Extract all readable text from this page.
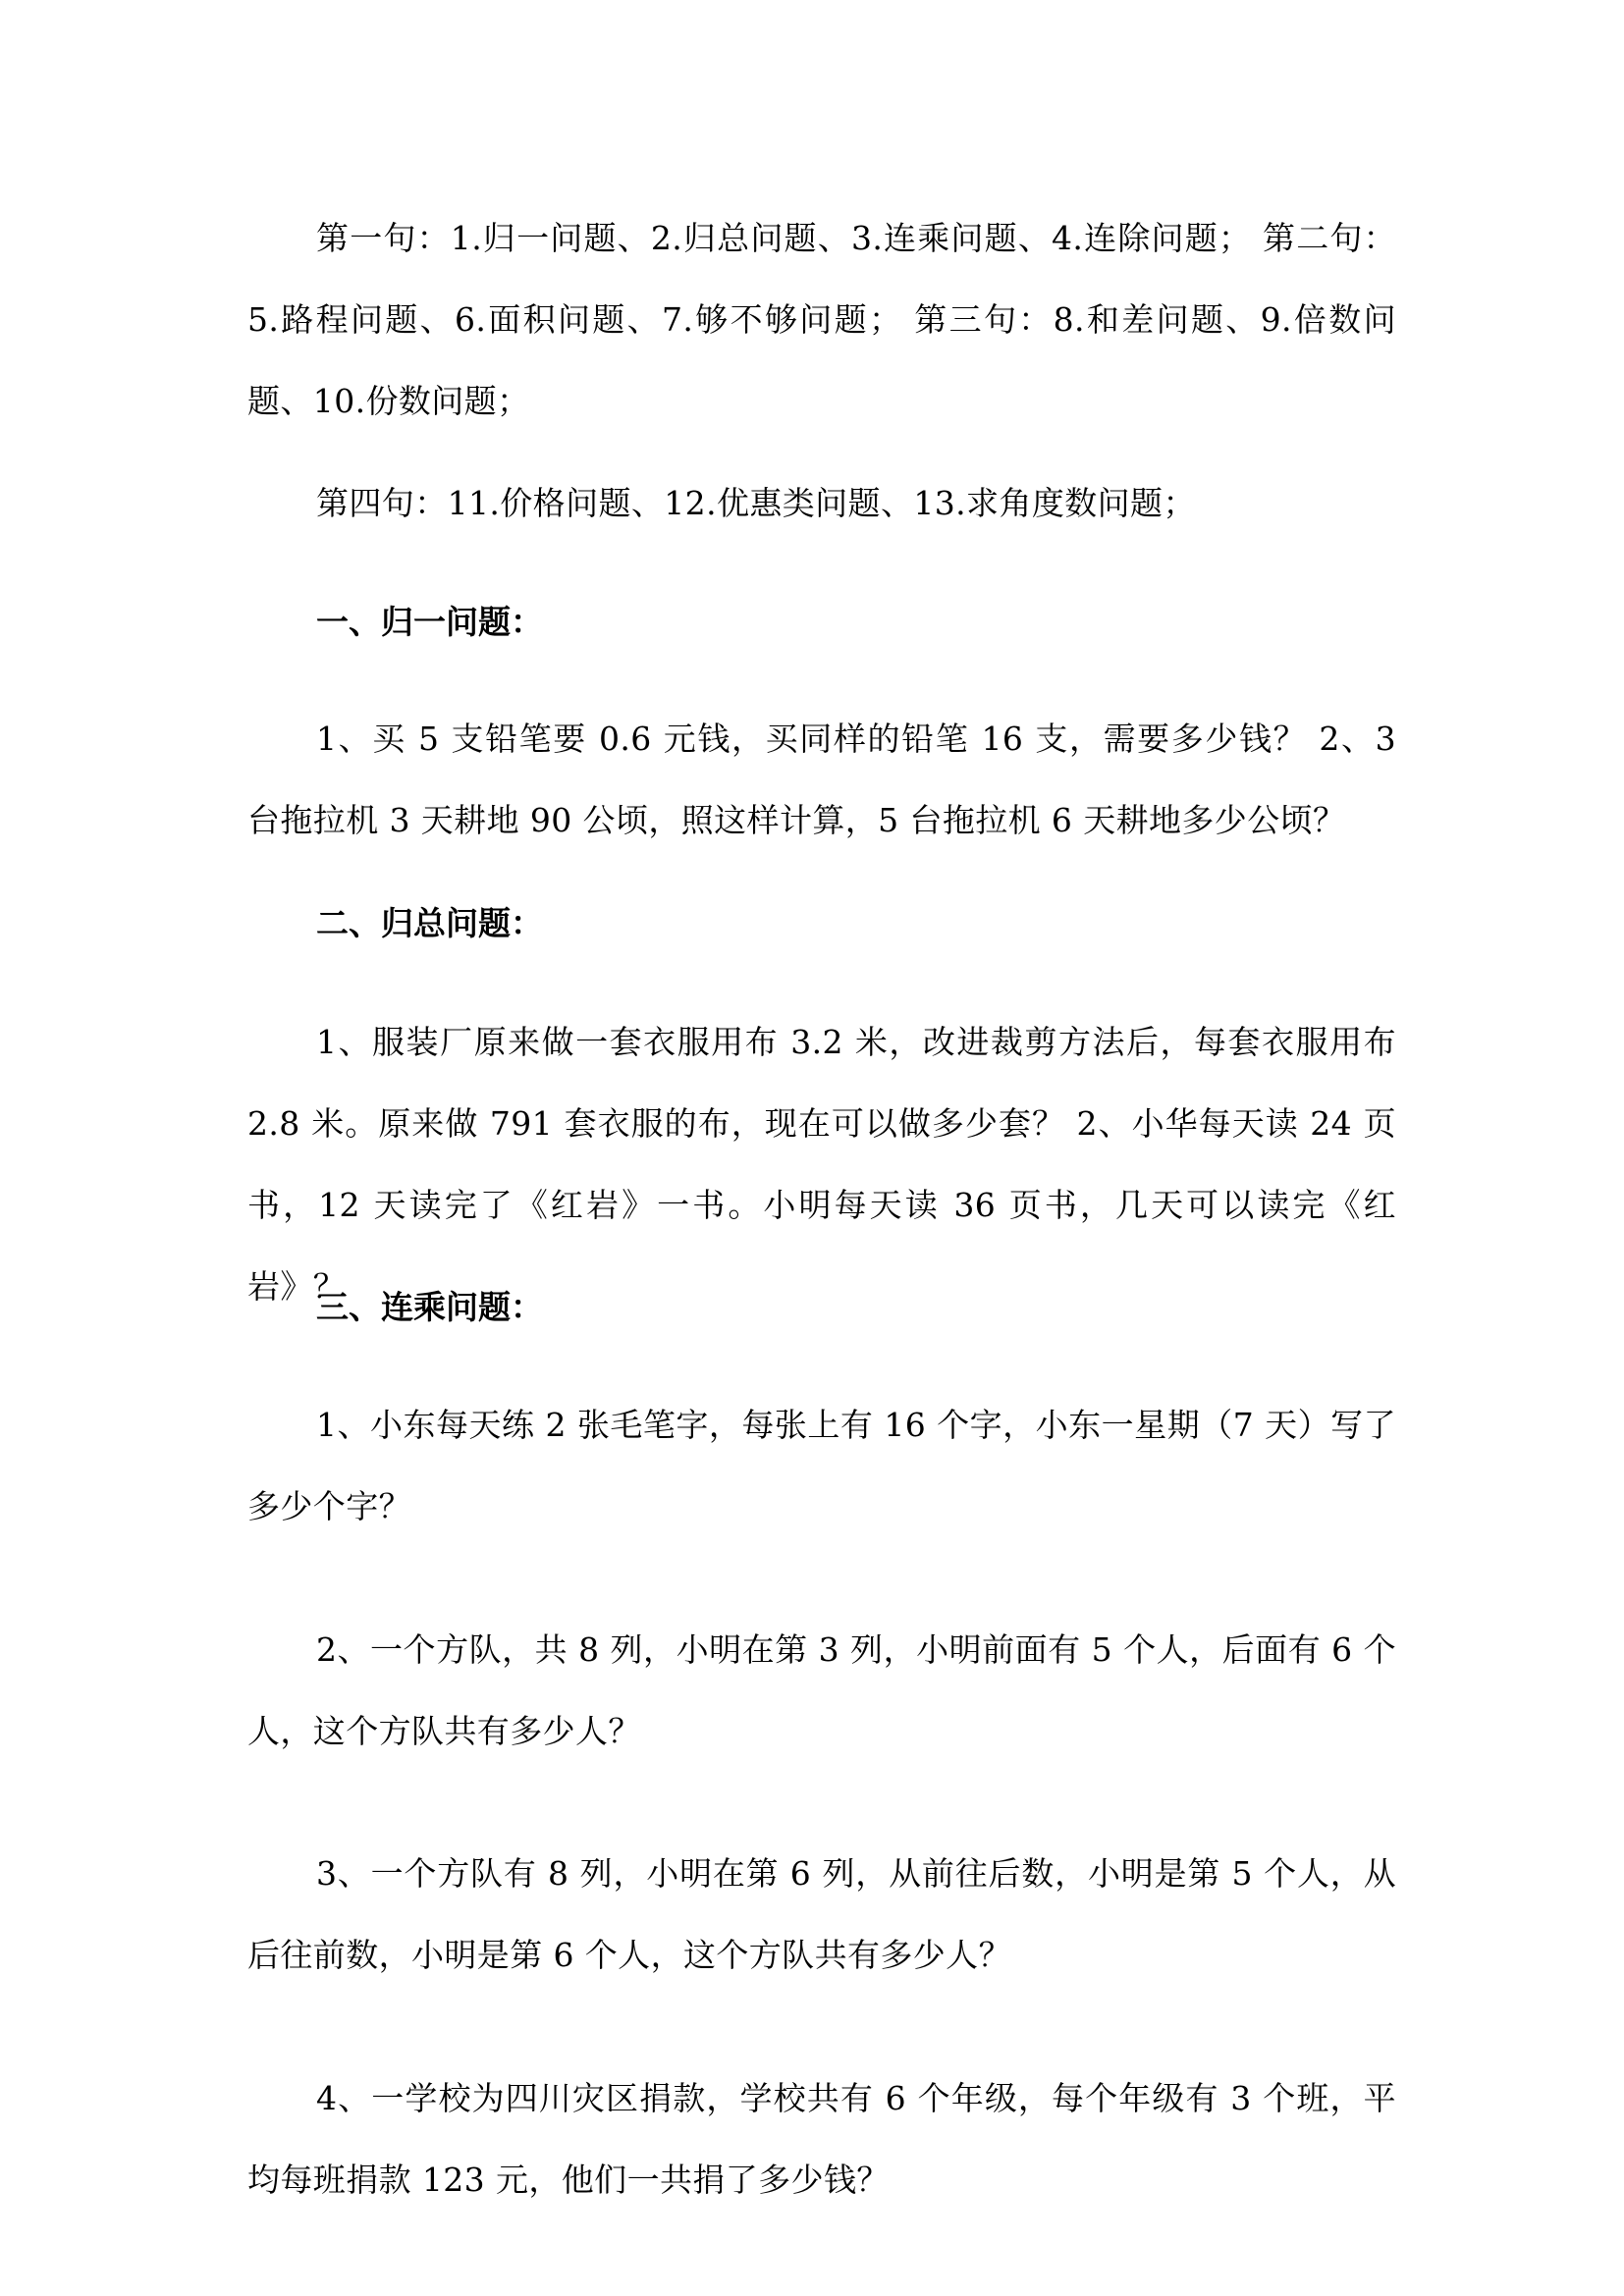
第一句：1.归一问题、2.归总问题、3.连乘问题、4.连除问题； 第二句：5.路程问题、6.面积问题、7.够不够问题； 第三句：8.和差问题、9.倍数问题、10.份数问题；

第四句：11.价格问题、12.优惠类问题、13.求角度数问题；

一、归一问题：

1、买 5 支铅笔要 0.6 元钱，买同样的铅笔 16 支，需要多少钱？ 2、3 台拖拉机 3 天耕地 90 公顷，照这样计算，5 台拖拉机 6 天耕地多少公顷？

二、归总问题：

1、服装厂原来做一套衣服用布 3.2 米，改进裁剪方法后，每套衣服用布 2.8 米。原来做 791 套衣服的布，现在可以做多少套？ 2、小华每天读 24 页书，12 天读完了《红岩》一书。小明每天读 36 页书，几天可以读完《红岩》？

三、连乘问题：

1、小东每天练 2 张毛笔字，每张上有 16 个字，小东一星期（7 天）写了多少个字？

2、一个方队，共 8 列，小明在第 3 列，小明前面有 5 个人，后面有 6 个人，这个方队共有多少人？

3、一个方队有 8 列，小明在第 6 列，从前往后数，小明是第 5 个人，从后往前数，小明是第 6 个人，这个方队共有多少人？

4、一学校为四川灾区捐款，学校共有 6 个年级，每个年级有 3 个班，平均每班捐款 123 元，他们一共捐了多少钱？
